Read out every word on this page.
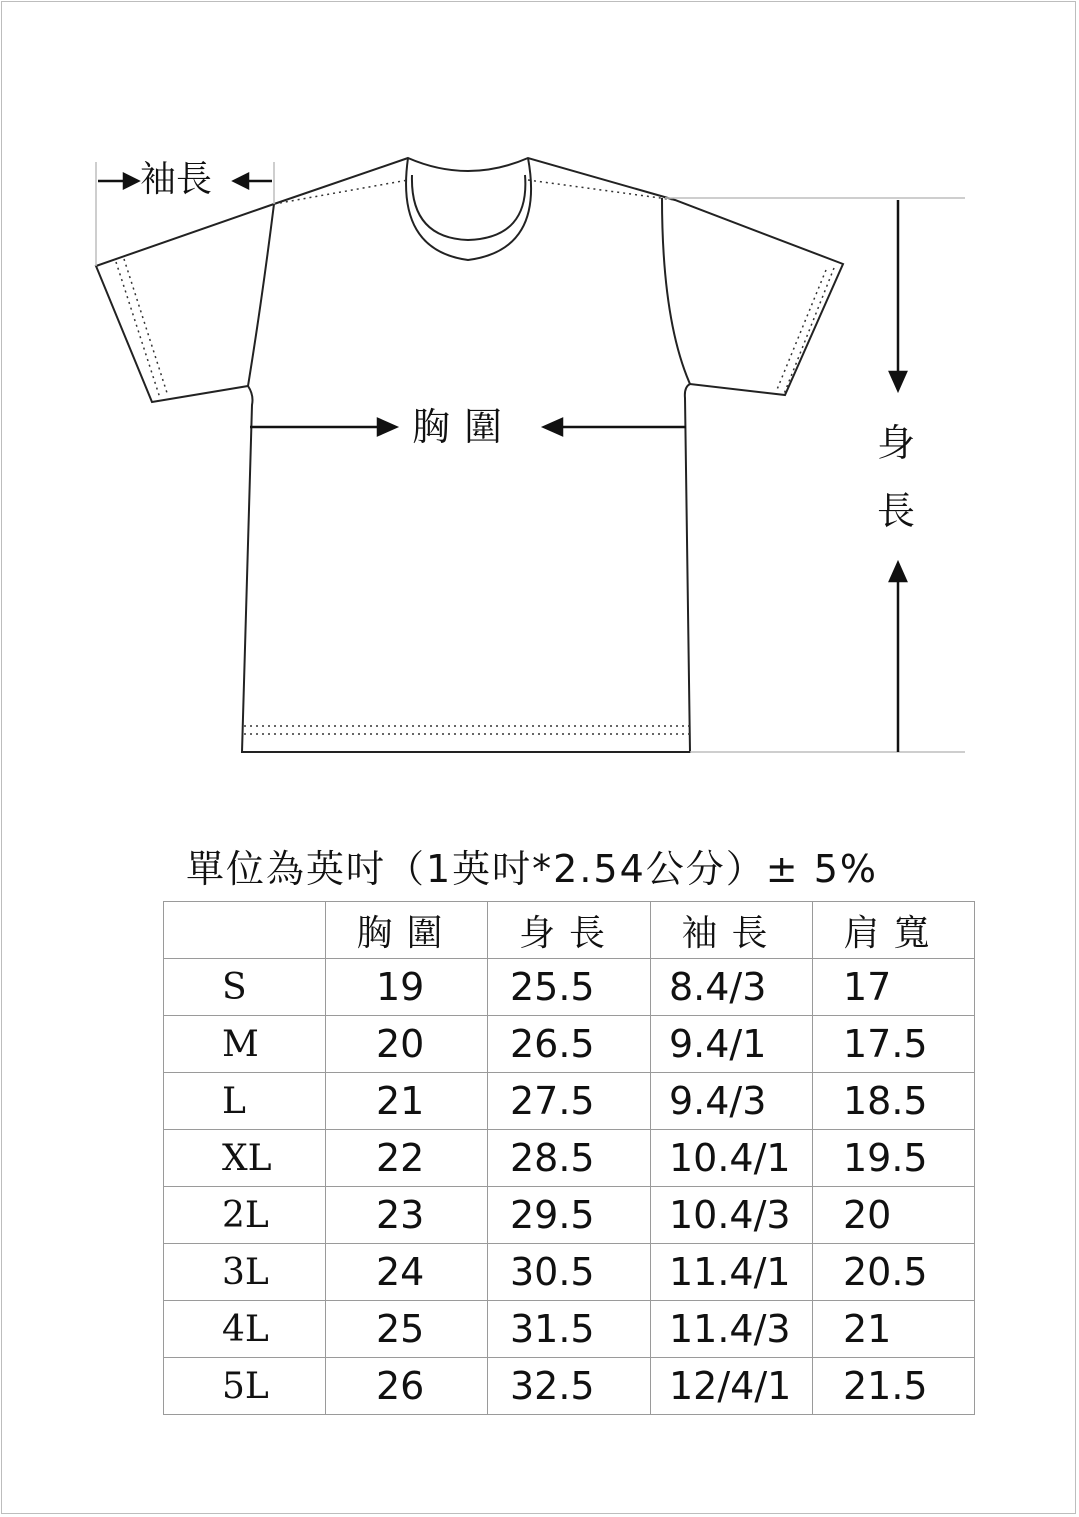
袖長
胸圍	身
長
單位為英吋（1英吋*2.54公分）± 5%
	胸圍	身長	袖長	肩寬
S	19	25.5	8.4/3	17
M	20	26.5	9.4/1	17.5
L	21	27.5	9.4/3	18.5
XL	22	28.5	10.4/1	19.5
2L	23	29.5	10.4/3	20
3L	24	30.5	11.4/1	20.5
4L	25	31.5	11.4/3	21
5L	26	32.5	12/4/1	21.5
